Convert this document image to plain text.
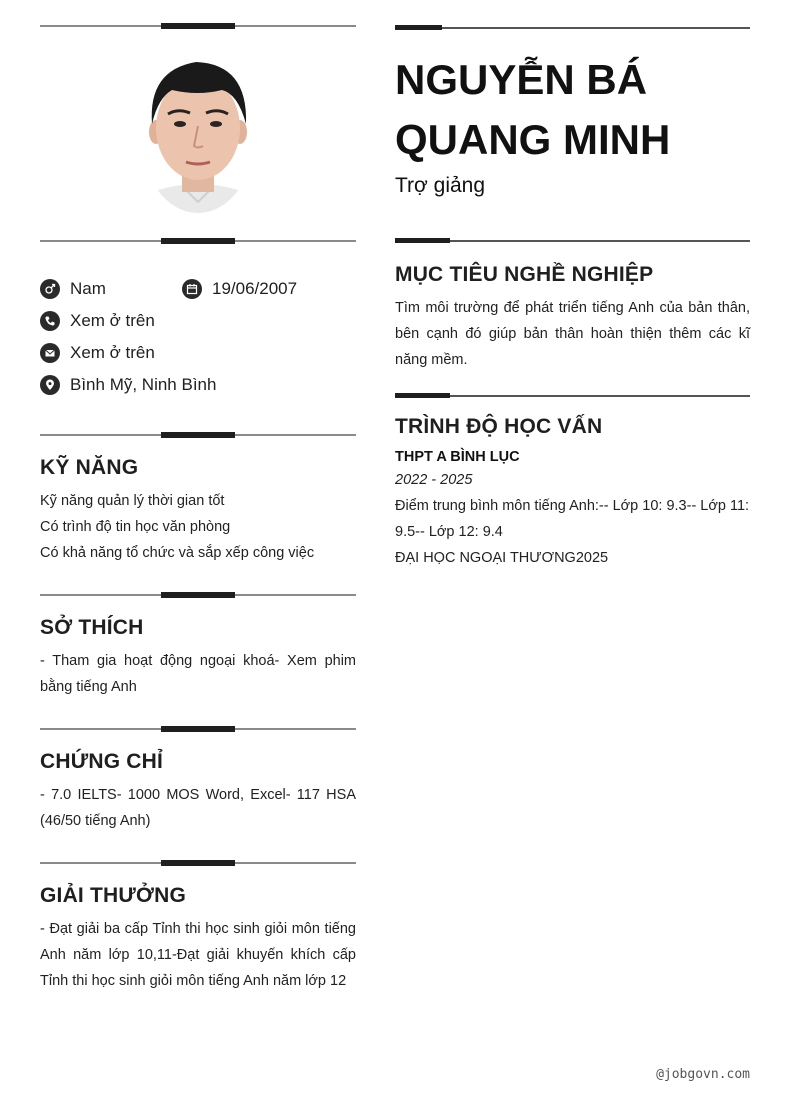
Nam	19/06/2007
Xem ở trên
Xem ở trên
Bình Mỹ, Ninh Bình
KỸ NĂNG
Kỹ năng quản lý thời gian tốt
Có trình độ tin học văn phòng
Có khả năng tổ chức và sắp xếp công việc
SỞ THÍCH

- Tham gia hoạt động ngoại khoá- Xem phim bằng tiếng Anh

CHỨNG CHỈ

- 7.0 IELTS- 1000 MOS Word, Excel- 117 HSA (46/50 tiếng Anh)

GIẢI THƯỞNG

- Đạt giải ba cấp Tỉnh thi học sinh giỏi môn tiếng Anh năm lớp 10,11-Đạt giải khuyến khích cấp Tỉnh thi học sinh giỏi môn tiếng Anh năm lớp 12

NGUYỄN BÁ QUANG MINH
Trợ giảng
MỤC TIÊU NGHỀ NGHIỆP

Tìm môi trường để phát triển tiếng Anh của bản thân, bên cạnh đó giúp bản thân hoàn thiện thêm các kĩ năng mềm.

TRÌNH ĐỘ HỌC VẤN
THPT A BÌNH LỤC
2022 - 2025

Điểm trung bình môn tiếng Anh:-- Lớp 10: 9.3-- Lớp 11: 9.5-- Lớp 12: 9.4

ĐẠI HỌC NGOẠI THƯƠNG2025

@jobgovn.com
